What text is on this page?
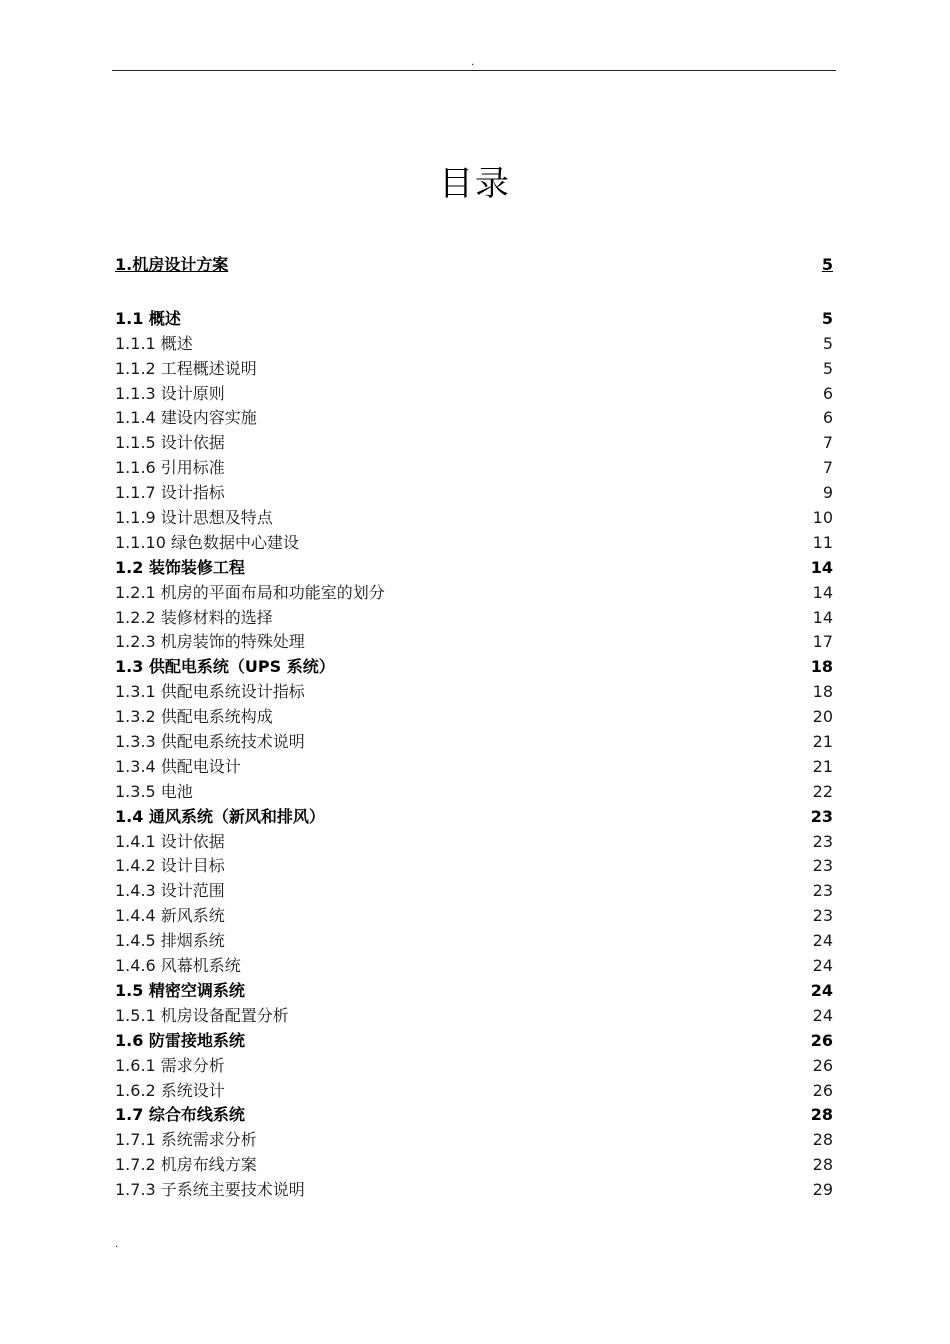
.
目录
1.机房设计方案	5
1.1 概述	5
1.1.1 概述	5
1.1.2 工程概述说明	5
1.1.3 设计原则	6
1.1.4 建设内容实施	6
1.1.5 设计依据	7
1.1.6 引用标准	7
1.1.7 设计指标	9
1.1.9 设计思想及特点	10
1.1.10 绿色数据中心建设	11
1.2 装饰装修工程	14
1.2.1 机房的平面布局和功能室的划分	14
1.2.2 装修材料的选择	14
1.2.3 机房装饰的特殊处理	17
1.3 供配电系统（UPS 系统）	18
1.3.1 供配电系统设计指标	18
1.3.2 供配电系统构成	20
1.3.3 供配电系统技术说明	21
1.3.4 供配电设计	21
1.3.5 电池	22
1.4 通风系统（新风和排风）	23
1.4.1 设计依据	23
1.4.2 设计目标	23
1.4.3 设计范围	23
1.4.4 新风系统	23
1.4.5 排烟系统	24
1.4.6 风幕机系统	24
1.5 精密空调系统	24
1.5.1 机房设备配置分析	24
1.6 防雷接地系统	26
1.6.1 需求分析	26
1.6.2 系统设计	26
1.7 综合布线系统	28
1.7.1 系统需求分析	28
1.7.2 机房布线方案	28
1.7.3 子系统主要技术说明	29
.
